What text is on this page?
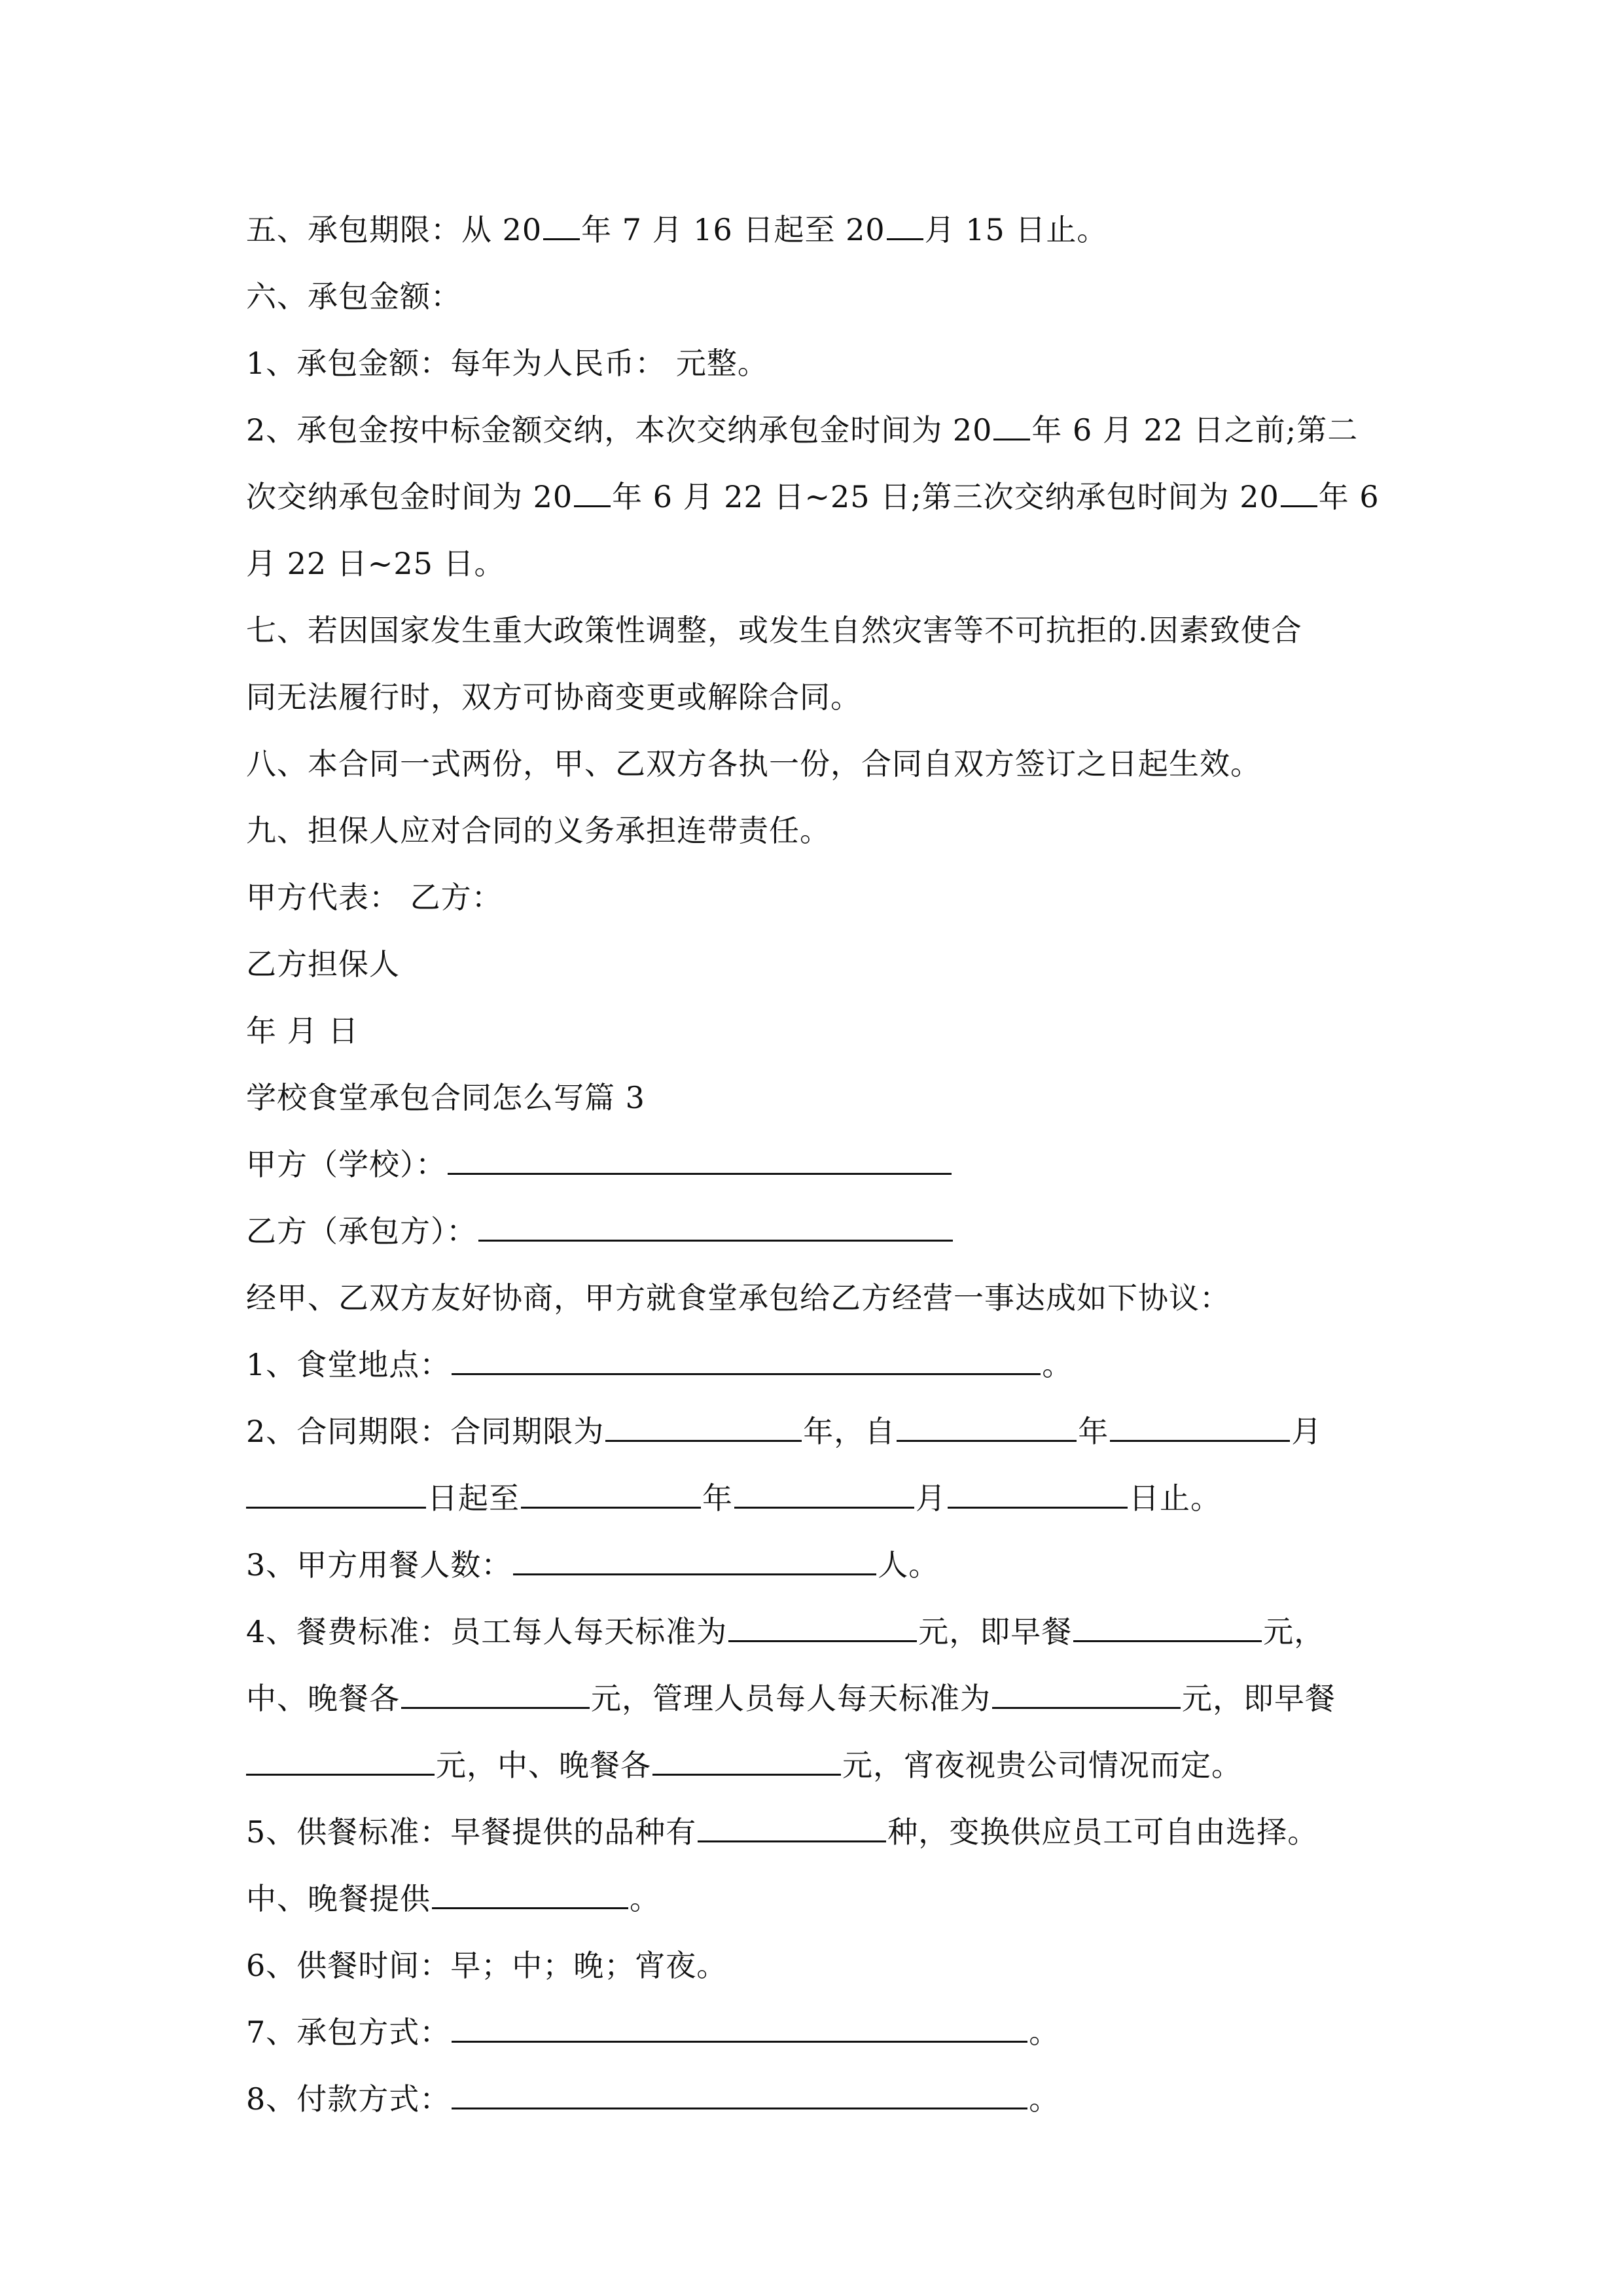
五、承包期限：从 20 年 7 月 16 日起至 20 月 15 日止。
六、承包金额：
1、承包金额：每年为人民币： 元整。
2、承包金按中标金额交纳，本次交纳承包金时间为 20 年 6 月 22 日之前;第二
次交纳承包金时间为 20 年 6 月 22 日~25 日;第三次交纳承包时间为 20 年 6
月 22 日~25 日。
七、若因国家发生重大政策性调整，或发生自然灾害等不可抗拒的.因素致使合
同无法履行时，双方可协商变更或解除合同。
八、本合同一式两份，甲、乙双方各执一份，合同自双方签订之日起生效。
九、担保人应对合同的义务承担连带责任。
甲方代表： 乙方：
乙方担保人
年 月 日
学校食堂承包合同怎么写篇 3
甲方（学校）：
乙方（承包方）：
经甲、乙双方友好协商，甲方就食堂承包给乙方经营一事达成如下协议：
1、食堂地点：	。
2、合同期限：合同期限为	年，自	年	月
日起至	年	月	日止。
3、甲方用餐人数：	人。
4、餐费标准：员工每人每天标准为	元，即早餐	元，
中、晚餐各	元，管理人员每人每天标准为	元，即早餐
元，中、晚餐各	元，宵夜视贵公司情况而定。
5、供餐标准：早餐提供的品种有	种，变换供应员工可自由选择。
中、晚餐提供	。
6、供餐时间：早；中；晚；宵夜。
7、承包方式：	。
8、付款方式：	。
